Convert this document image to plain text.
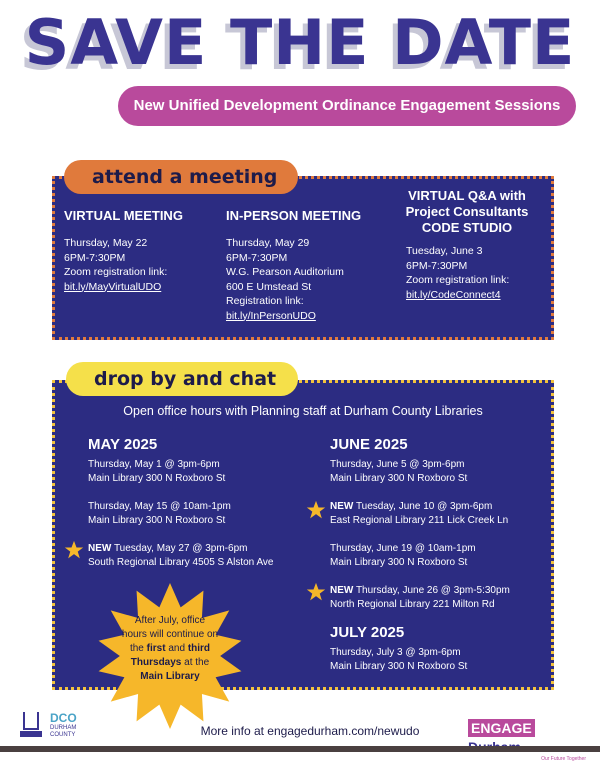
SAVE THE DATE
New Unified Development Ordinance Engagement Sessions
attend a meeting
VIRTUAL MEETING
Thursday, May 22
6PM-7:30PM
Zoom registration link:
bit.ly/MayVirtualUDO
IN-PERSON MEETING
Thursday, May 29
6PM-7:30PM
W.G. Pearson Auditorium
600 E Umstead St
Registration link:
bit.ly/InPersonUDO
VIRTUAL Q&A with
Project Consultants
CODE STUDIO
Tuesday, June 3
6PM-7:30PM
Zoom registration link:
bit.ly/CodeConnect4
drop by and chat
Open office hours with Planning staff at Durham County Libraries
MAY 2025	JUNE 2025
JULY 2025
Thursday, May 1 @ 3pm-6pm
Main Library 300 N Roxboro St
Thursday, May 15 @ 10am-1pm
Main Library 300 N Roxboro St
NEW Tuesday, May 27 @ 3pm-6pm
South Regional Library 4505 S Alston Ave
Thursday, June 5 @ 3pm-6pm
Main Library 300 N Roxboro St
NEW Tuesday, June 10 @ 3pm-6pm
East Regional Library 211 Lick Creek Ln
Thursday, June 19 @ 10am-1pm
Main Library 300 N Roxboro St
NEW Thursday, June 26 @ 3pm-5:30pm
North Regional Library 221 Milton Rd
Thursday, July 3 @ 3pm-6pm
Main Library 300 N Roxboro St
After July, office
hours will continue on
the first and third
Thursdays at the
Main Library
More info at engagedurham.com/newudo
DCO
DURHAM
COUNTY	ENGAGE
Our Future Together
